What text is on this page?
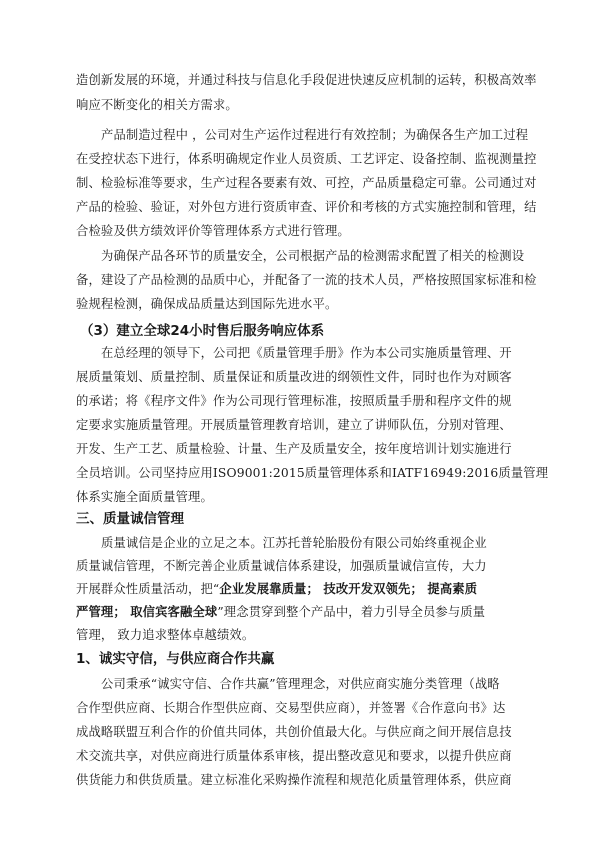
造创新发展的环境，并通过科技与信息化手段促进快速反应机制的运转，积极高效率
响应不断变化的相关方需求。
产品制造过程中 ，公司对生产运作过程进行有效控制；为确保各生产加工过程
在受控状态下进行，体系明确规定作业人员资质、工艺评定、设备控制、监视测量控
制、检验标准等要求，生产过程各要素有效、可控，产品质量稳定可靠。公司通过对
产品的检验、验证，对外包方进行资质审查、评价和考核的方式实施控制和管理，结
合检验及供方绩效评价等管理体系方式进行管理。
为确保产品各环节的质量安全，公司根据产品的检测需求配置了相关的检测设
备，建设了产品检测的品质中心，并配备了一流的技术人员，严格按照国家标准和检
验规程检测，确保成品质量达到国际先进水平。
（3）建立全球24小时售后服务响应体系
在总经理的领导下，公司把《质量管理手册》作为本公司实施质量管理、开
展质量策划、质量控制、质量保证和质量改进的纲领性文件，同时也作为对顾客
的承诺；将《程序文件》作为公司现行管理标准，按照质量手册和程序文件的规
定要求实施质量管理。开展质量管理教育培训，建立了讲师队伍，分别对管理、
开发、生产工艺、质量检验、计量、生产及质量安全，按年度培训计划实施进行
全员培训。公司坚持应用ISO9001:2015质量管理体系和IATF16949:2016质量管理
体系实施全面质量管理。
三、质量诚信管理
质量诚信是企业的立足之本。江苏托普轮胎股份有限公司始终重视企业
质量诚信管理，不断完善企业质量诚信体系建设，加强质量诚信宣传，大力
开展群众性质量活动，把“企业发展靠质量； 技改开发双领先； 提高素质
严管理； 取信宾客融全球”理念贯穿到整个产品中，着力引导全员参与质量
管理， 致力追求整体卓越绩效。
1、诚实守信，与供应商合作共赢
公司秉承“诚实守信、合作共赢”管理理念，对供应商实施分类管理（战略
合作型供应商、长期合作型供应商、交易型供应商），并签署《合作意向书》达
成战略联盟互利合作的价值共同体，共创价值最大化。与供应商之间开展信息技
术交流共享，对供应商进行质量体系审核，提出整改意见和要求，以提升供应商
供货能力和供货质量。建立标准化采购操作流程和规范化质量管理体系，供应商
